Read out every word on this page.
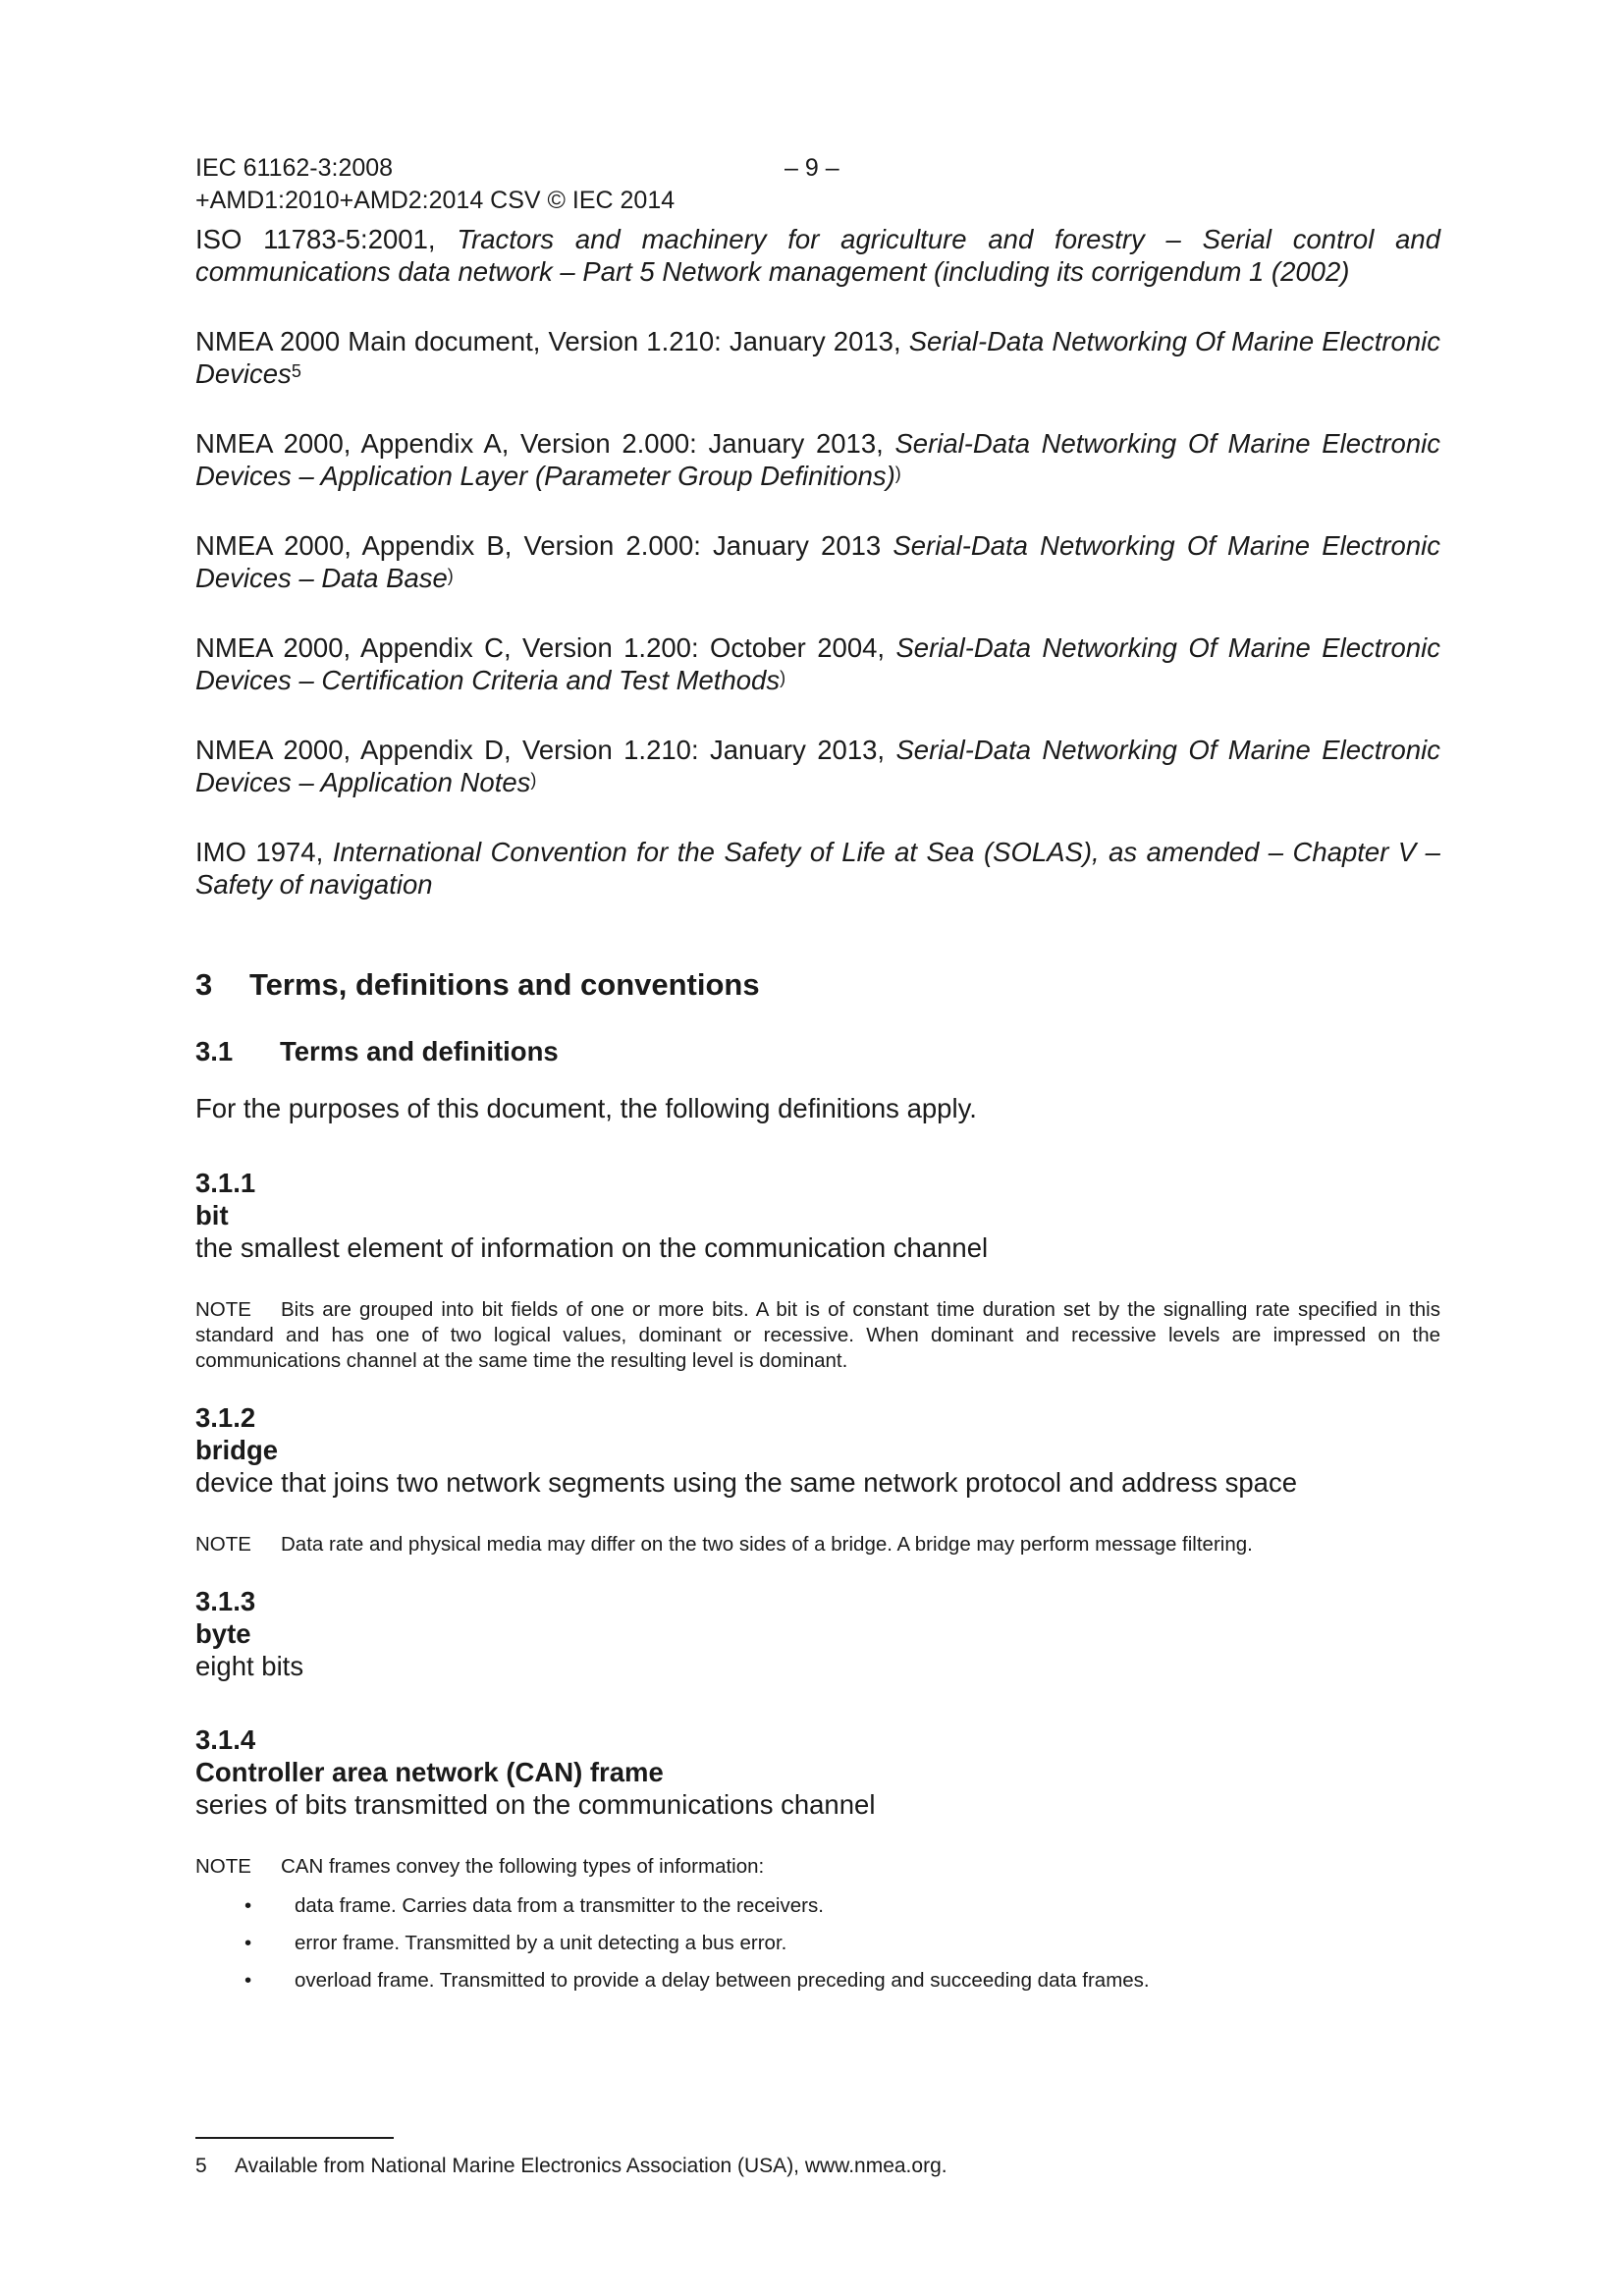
IEC 61162-3:2008	– 9 –
+AMD1:2010+AMD2:2014 CSV © IEC 2014

ISO 11783-5:2001, Tractors and machinery for agriculture and forestry – Serial control and communications data network – Part 5 Network management (including its corrigendum 1 (2002)

NMEA 2000 Main document, Version 1.210: January 2013, Serial-Data Networking Of Marine Electronic Devices$^5$

NMEA 2000, Appendix A, Version 2.000: January 2013, Serial-Data Networking Of Marine Electronic Devices – Application Layer (Parameter Group Definitions))

NMEA 2000, Appendix B, Version 2.000: January 2013 Serial-Data Networking Of Marine Electronic Devices – Data Base)

NMEA 2000, Appendix C, Version 1.200: October 2004, Serial-Data Networking Of Marine Electronic Devices – Certification Criteria and Test Methods)

NMEA 2000, Appendix D, Version 1.210: January 2013, Serial-Data Networking Of Marine Electronic Devices – Application Notes)

IMO 1974, International Convention for the Safety of Life at Sea (SOLAS), as amended – Chapter V – Safety of navigation

3 Terms, definitions and conventions
3.1 Terms and definitions
For the purposes of this document, the following definitions apply.
3.1.1
bit
the smallest element of information on the communication channel
NOTE Bits are grouped into bit fields of one or more bits. A bit is of constant time duration set by the signalling rate specified in this standard and has one of two logical values, dominant or recessive. When dominant and recessive levels are impressed on the communications channel at the same time the resulting level is dominant.
3.1.2
bridge
device that joins two network segments using the same network protocol and address space
NOTE Data rate and physical media may differ on the two sides of a bridge. A bridge may perform message filtering.
3.1.3
byte
eight bits
3.1.4
Controller area network (CAN) frame
series of bits transmitted on the communications channel
NOTE CAN frames convey the following types of information:
• data frame. Carries data from a transmitter to the receivers.
• error frame. Transmitted by a unit detecting a bus error.
• overload frame. Transmitted to provide a delay between preceding and succeeding data frames.
5 Available from National Marine Electronics Association (USA), www.nmea.org.
